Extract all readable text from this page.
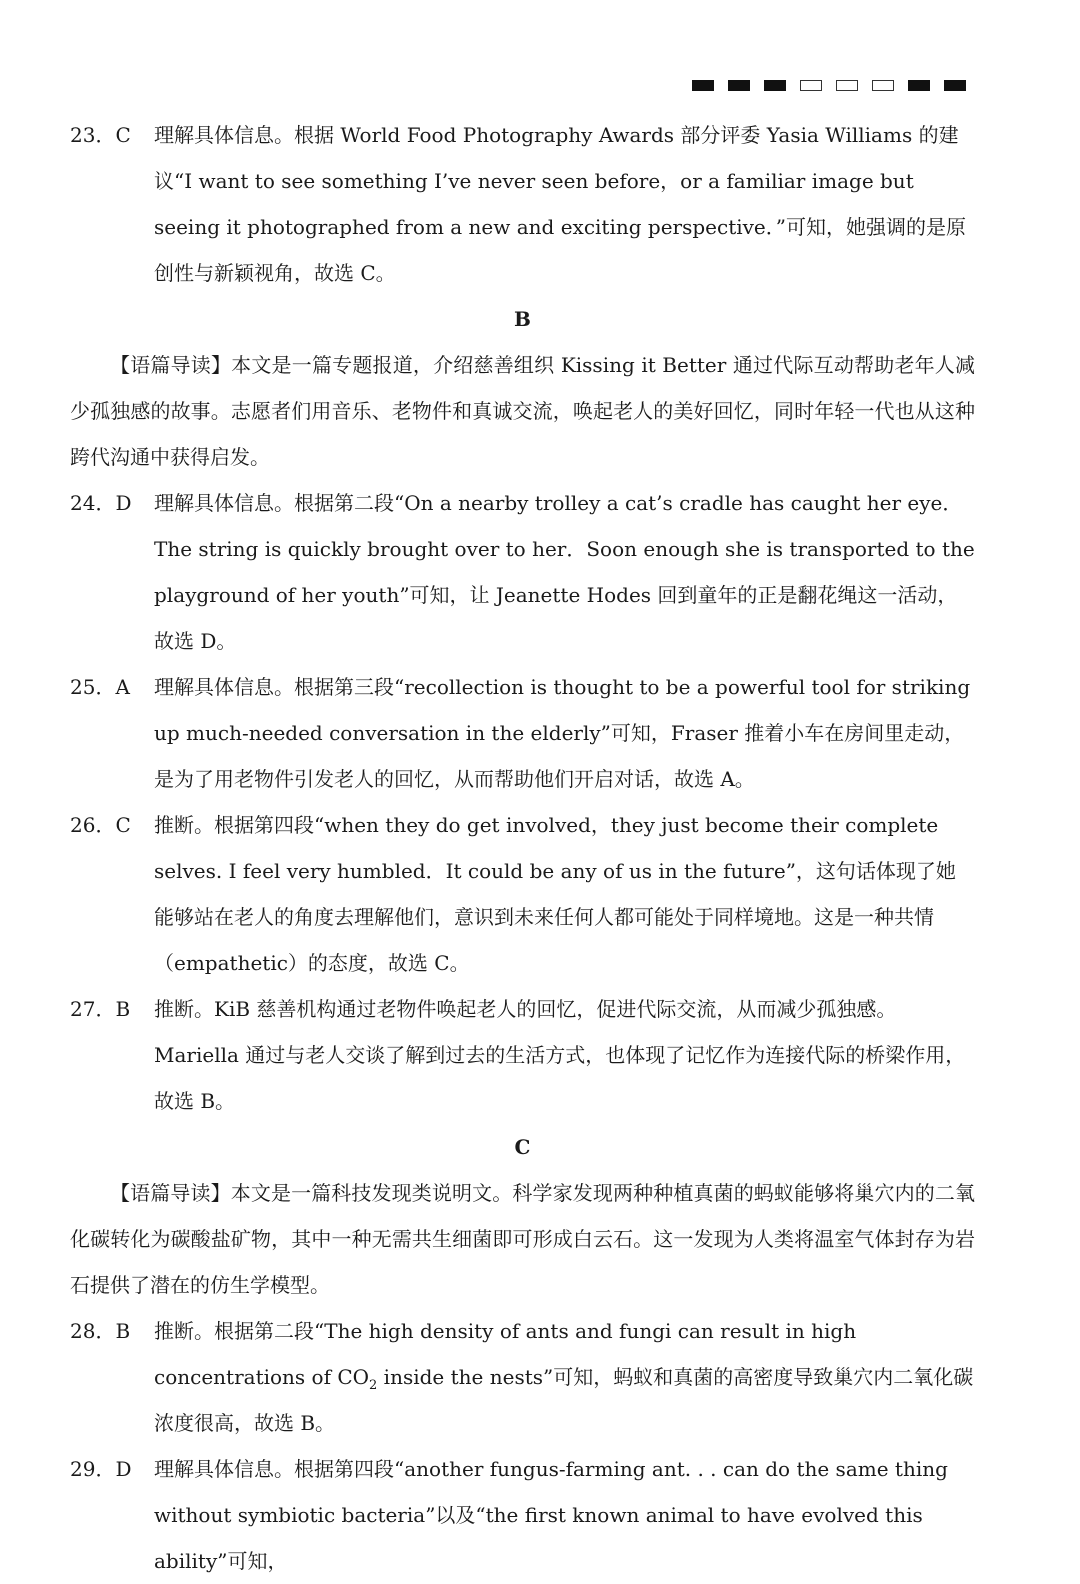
23．C 理解具体信息。根据 World Food Photography Awards 部分评委 Yasia Williams 的建议“I want to see something I’ve never seen before，or a familiar image but seeing it photographed from a new and exciting perspective．”可知，她强调的是原创性与新颖视角，故选 C。
B

【语篇导读】本文是一篇专题报道，介绍慈善组织 Kissing it Better 通过代际互动帮助老年人减少孤独感的故事。志愿者们用音乐、老物件和真诚交流，唤起老人的美好回忆，同时年轻一代也从这种跨代沟通中获得启发。

24．D 理解具体信息。根据第二段“On a nearby trolley a cat’s cradle has caught her eye．The string is quickly brought over to her．Soon enough she is transported to the playground of her youth”可知，让 Jeanette Hodes 回到童年的正是翻花绳这一活动，故选 D。
25．A 理解具体信息。根据第三段“recollection is thought to be a powerful tool for striking up much-needed conversation in the elderly”可知，Fraser 推着小车在房间里走动，是为了用老物件引发老人的回忆，从而帮助他们开启对话，故选 A。
26．C 推断。根据第四段“when they do get involved，they just become their complete selves. I feel very humbled．It could be any of us in the future”，这句话体现了她能够站在老人的角度去理解他们，意识到未来任何人都可能处于同样境地。这是一种共情（empathetic）的态度，故选 C。
27．B 推断。KiB 慈善机构通过老物件唤起老人的回忆，促进代际交流，从而减少孤独感。Mariella 通过与老人交谈了解到过去的生活方式，也体现了记忆作为连接代际的桥梁作用，故选 B。
C

【语篇导读】本文是一篇科技发现类说明文。科学家发现两种种植真菌的蚂蚁能够将巢穴内的二氧化碳转化为碳酸盐矿物，其中一种无需共生细菌即可形成白云石。这一发现为人类将温室气体封存为岩石提供了潜在的仿生学模型。

28．B 推断。根据第二段“The high density of ants and fungi can result in high concentrations of $CO_2$ inside the nests”可知，蚂蚁和真菌的高密度导致巢穴内二氧化碳浓度很高，故选 B。
29．D 理解具体信息。根据第四段“another fungus-farming ant. . . can do the same thing without symbiotic bacteria”以及“the first known animal to have evolved this ability”可知，
